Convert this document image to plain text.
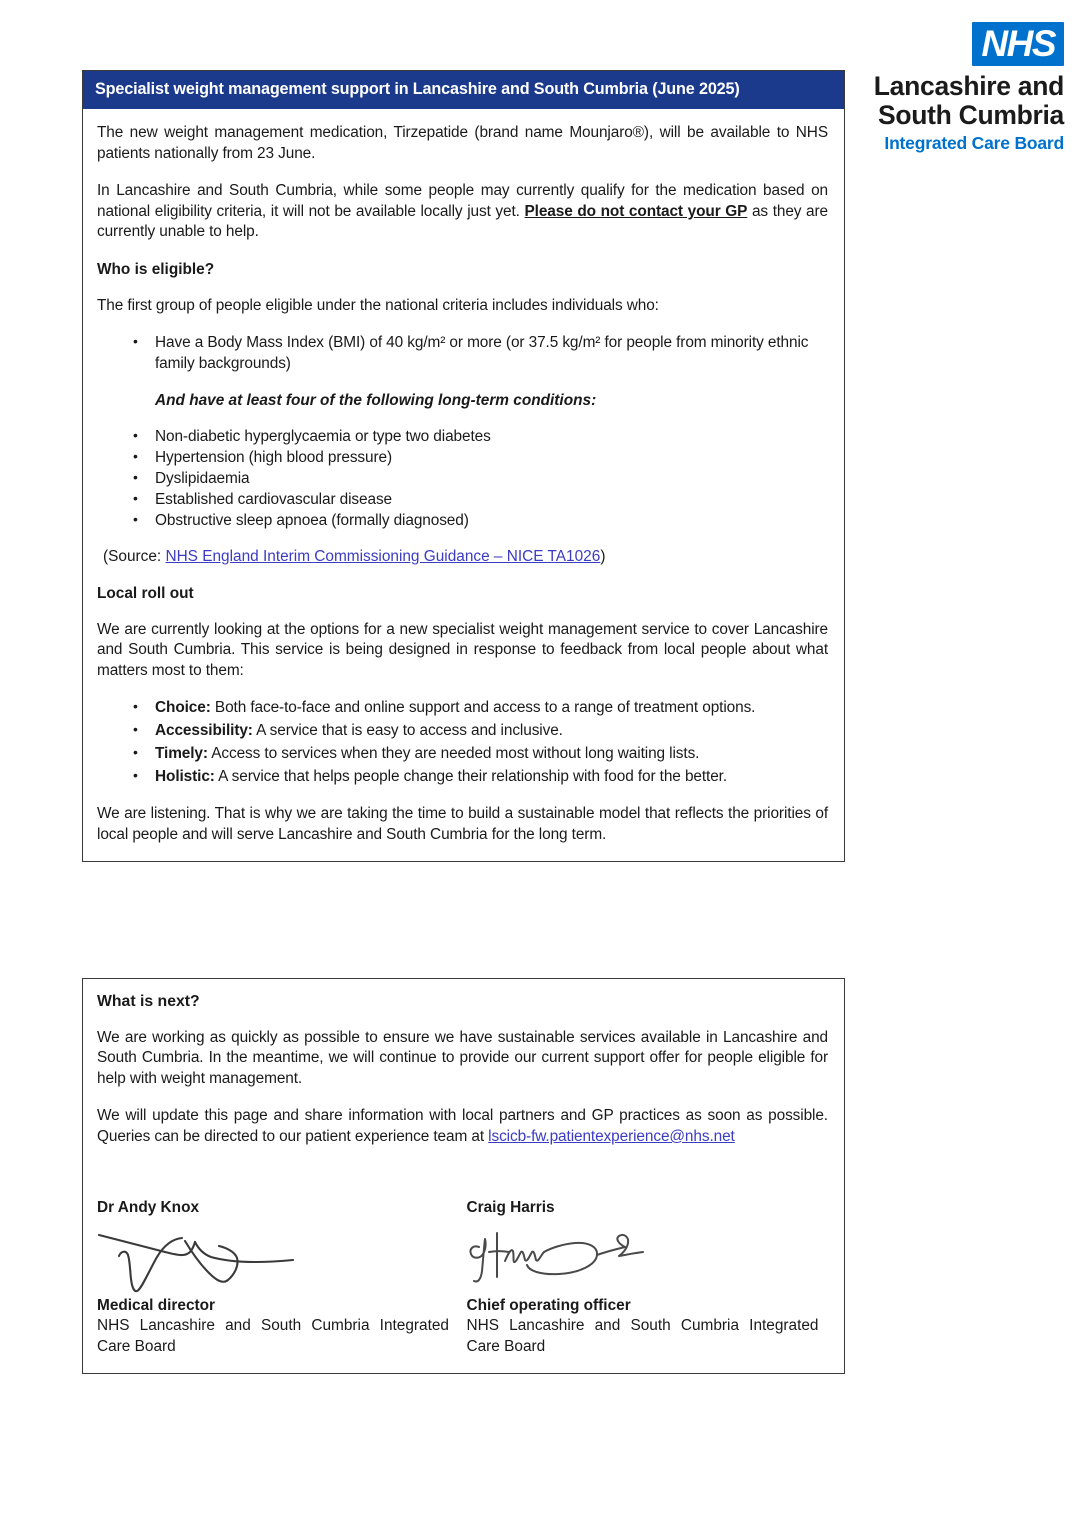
NHS
Lancashire and
South Cumbria
Integrated Care Board
Specialist weight management support in Lancashire and South Cumbria (June 2025)

The new weight management medication, Tirzepatide (brand name Mounjaro®), will be available to NHS patients nationally from 23 June.

In Lancashire and South Cumbria, while some people may currently qualify for the medication based on national eligibility criteria, it will not be available locally just yet. Please do not contact your GP as they are currently unable to help.

Who is eligible?

The first group of people eligible under the national criteria includes individuals who:

• Have a Body Mass Index (BMI) of 40 kg/m² or more (or 37.5 kg/m² for people from minority ethnic family backgrounds)

And have at least four of the following long-term conditions:

• Non-diabetic hyperglycaemia or type two diabetes
• Hypertension (high blood pressure)
• Dyslipidaemia
• Established cardiovascular disease
• Obstructive sleep apnoea (formally diagnosed)

(Source: NHS England Interim Commissioning Guidance – NICE TA1026)

Local roll out

We are currently looking at the options for a new specialist weight management service to cover Lancashire and South Cumbria. This service is being designed in response to feedback from local people about what matters most to them:

• Choice: Both face-to-face and online support and access to a range of treatment options.
• Accessibility: A service that is easy to access and inclusive.
• Timely: Access to services when they are needed most without long waiting lists.
• Holistic: A service that helps people change their relationship with food for the better.

We are listening. That is why we are taking the time to build a sustainable model that reflects the priorities of local people and will serve Lancashire and South Cumbria for the long term.

What is next?

We are working as quickly as possible to ensure we have sustainable services available in Lancashire and South Cumbria. In the meantime, we will continue to provide our current support offer for people eligible for help with weight management.

We will update this page and share information with local partners and GP practices as soon as possible. Queries can be directed to our patient experience team at lscicb-fw.patientexperience@nhs.net

Dr Andy Knox
Medical director
NHS Lancashire and South Cumbria Integrated Care Board
Craig Harris
Chief operating officer
NHS Lancashire and South Cumbria Integrated Care Board
